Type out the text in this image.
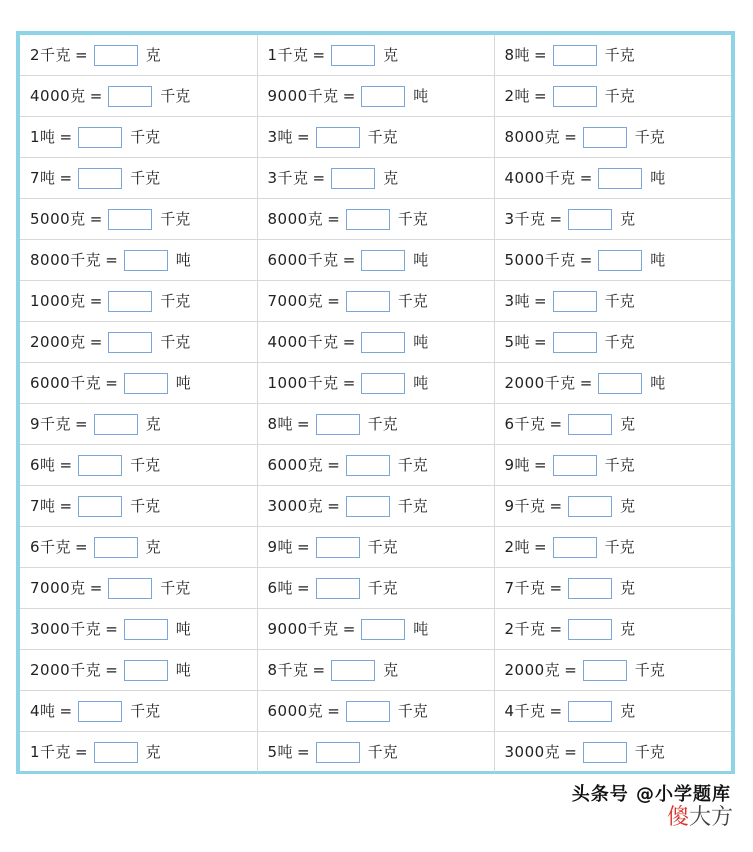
2千克 = 克	1千克 = 克	8吨 = 千克
4000克 = 千克	9000千克 = 吨	2吨 = 千克
1吨 = 千克	3吨 = 千克	8000克 = 千克
7吨 = 千克	3千克 = 克	4000千克 = 吨
5000克 = 千克	8000克 = 千克	3千克 = 克
8000千克 = 吨	6000千克 = 吨	5000千克 = 吨
1000克 = 千克	7000克 = 千克	3吨 = 千克
2000克 = 千克	4000千克 = 吨	5吨 = 千克
6000千克 = 吨	1000千克 = 吨	2000千克 = 吨
9千克 = 克	8吨 = 千克	6千克 = 克
6吨 = 千克	6000克 = 千克	9吨 = 千克
7吨 = 千克	3000克 = 千克	9千克 = 克
6千克 = 克	9吨 = 千克	2吨 = 千克
7000克 = 千克	6吨 = 千克	7千克 = 克
3000千克 = 吨	9000千克 = 吨	2千克 = 克
2000千克 = 吨	8千克 = 克	2000克 = 千克
4吨 = 千克	6000克 = 千克	4千克 = 克
1千克 = 克	5吨 = 千克	3000克 = 千克
头条号 @小学题库
傻大方
